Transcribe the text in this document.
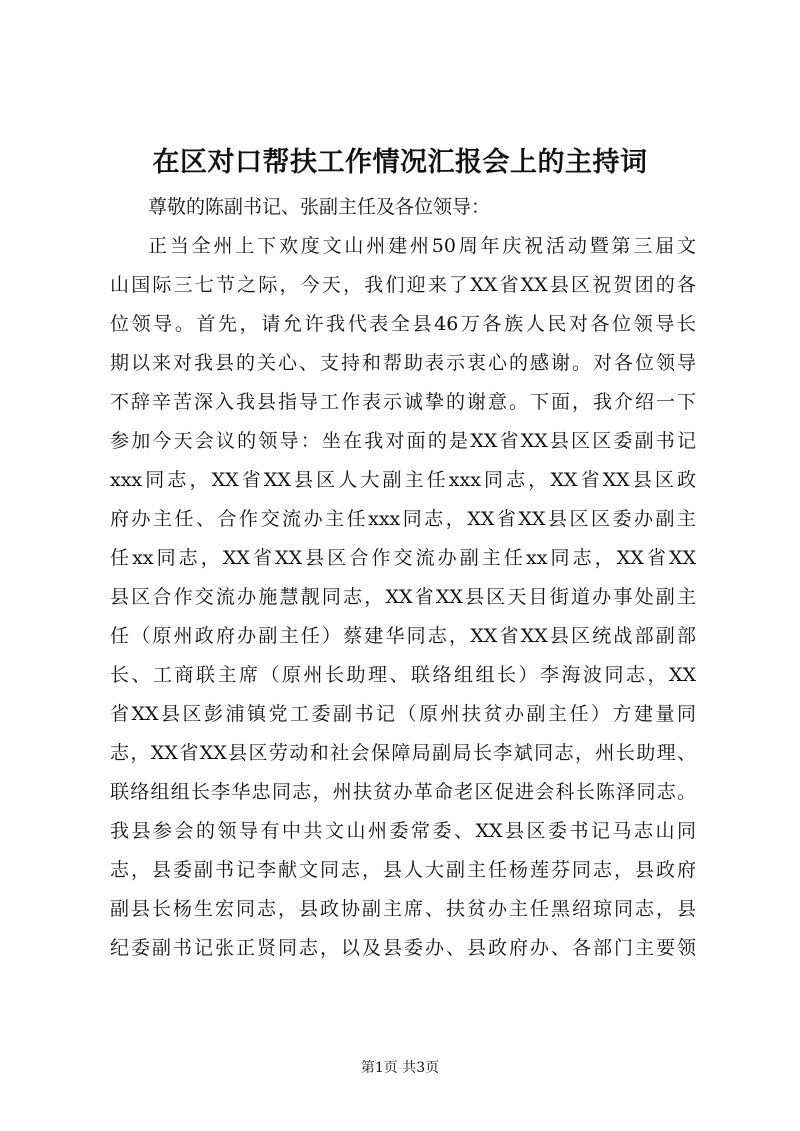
在区对口帮扶工作情况汇报会上的主持词
尊敬的陈副书记、张副主任及各位领导：
正当全州上下欢度文山州建州50周年庆祝活动暨第三届文
山国际三七节之际，今天，我们迎来了XX省XX县区祝贺团的各
位领导。首先，请允许我代表全县46万各族人民对各位领导长
期以来对我县的关心、支持和帮助表示衷心的感谢。对各位领导
不辞辛苦深入我县指导工作表示诚挚的谢意。下面，我介绍一下
参加今天会议的领导：坐在我对面的是XX省XX县区区委副书记
xxx同志，XX省XX县区人大副主任xxx同志，XX省XX县区政
府办主任、合作交流办主任xxx同志，XX省XX县区区委办副主
任xx同志，XX省XX县区合作交流办副主任xx同志，XX省XX
县区合作交流办施慧靓同志，XX省XX县区天目街道办事处副主
任（原州政府办副主任）蔡建华同志，XX省XX县区统战部副部
长、工商联主席（原州长助理、联络组组长）李海波同志，XX
省XX县区彭浦镇党工委副书记（原州扶贫办副主任）方建量同
志，XX省XX县区劳动和社会保障局副局长李斌同志，州长助理、
联络组组长李华忠同志，州扶贫办革命老区促进会科长陈泽同志。
我县参会的领导有中共文山州委常委、XX县区委书记马志山同
志，县委副书记李献文同志，县人大副主任杨莲芬同志，县政府
副县长杨生宏同志，县政协副主席、扶贫办主任黑绍琼同志，县
纪委副书记张正贤同志，以及县委办、县政府办、各部门主要领
第1页 共3页
